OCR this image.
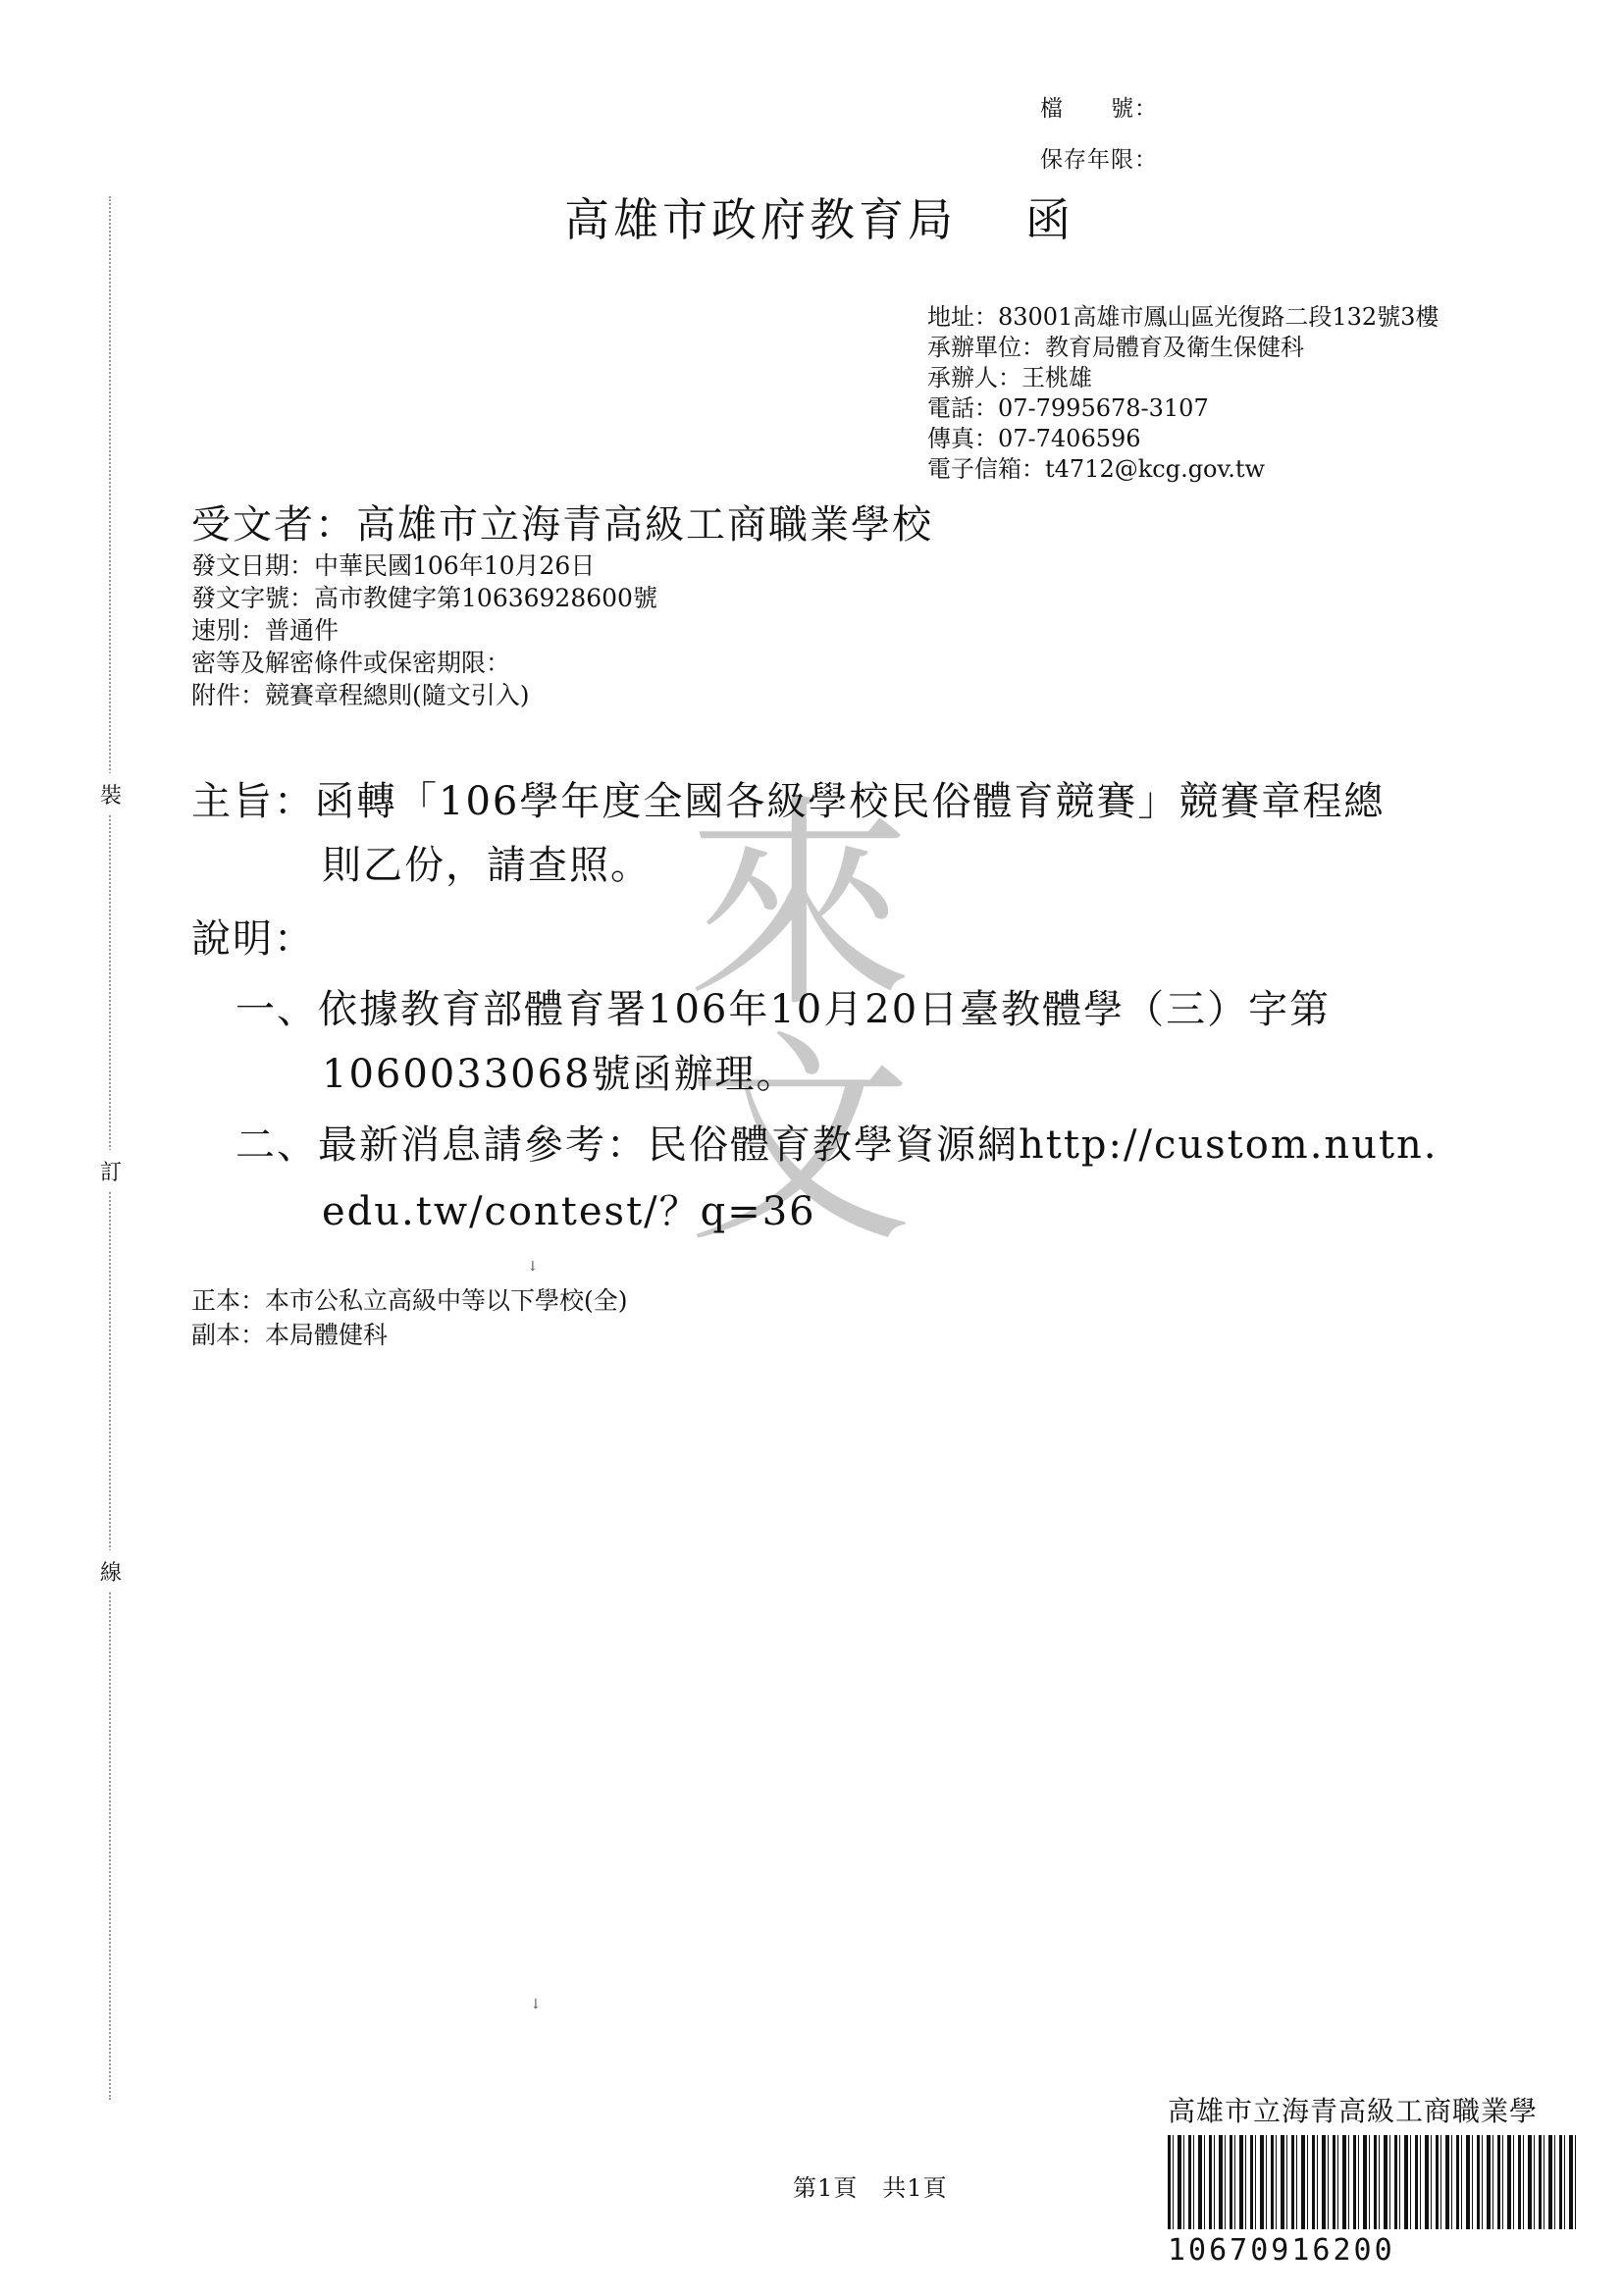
檔　　號：
保存年限：
高雄市政府教育局 函
地址：83001高雄市鳳山區光復路二段132號3樓
承辦單位：教育局體育及衛生保健科
承辦人：王桃雄
電話：07-7995678-3107
傳真：07-7406596
電子信箱：t4712@kcg.gov.tw
受文者：高雄市立海青高級工商職業學校
發文日期：中華民國106年10月26日
發文字號：高市教健字第10636928600號
速別：普通件
密等及解密條件或保密期限：
附件：競賽章程總則(隨文引入)
來
文
主旨：函轉「106學年度全國各級學校民俗體育競賽」競賽章程總
則乙份，請查照。
說明：
一、依據教育部體育署106年10月20日臺教體學（三）字第
1060033068號函辦理。
二、最新消息請參考：民俗體育教學資源網http://custom.nutn.
edu.tw/contest/？q=36
↓
正本：本市公私立高級中等以下學校(全)
副本：本局體健科
裝
訂
線
↓
第1頁　共1頁
高雄市立海青高級工商職業學
10670916200
